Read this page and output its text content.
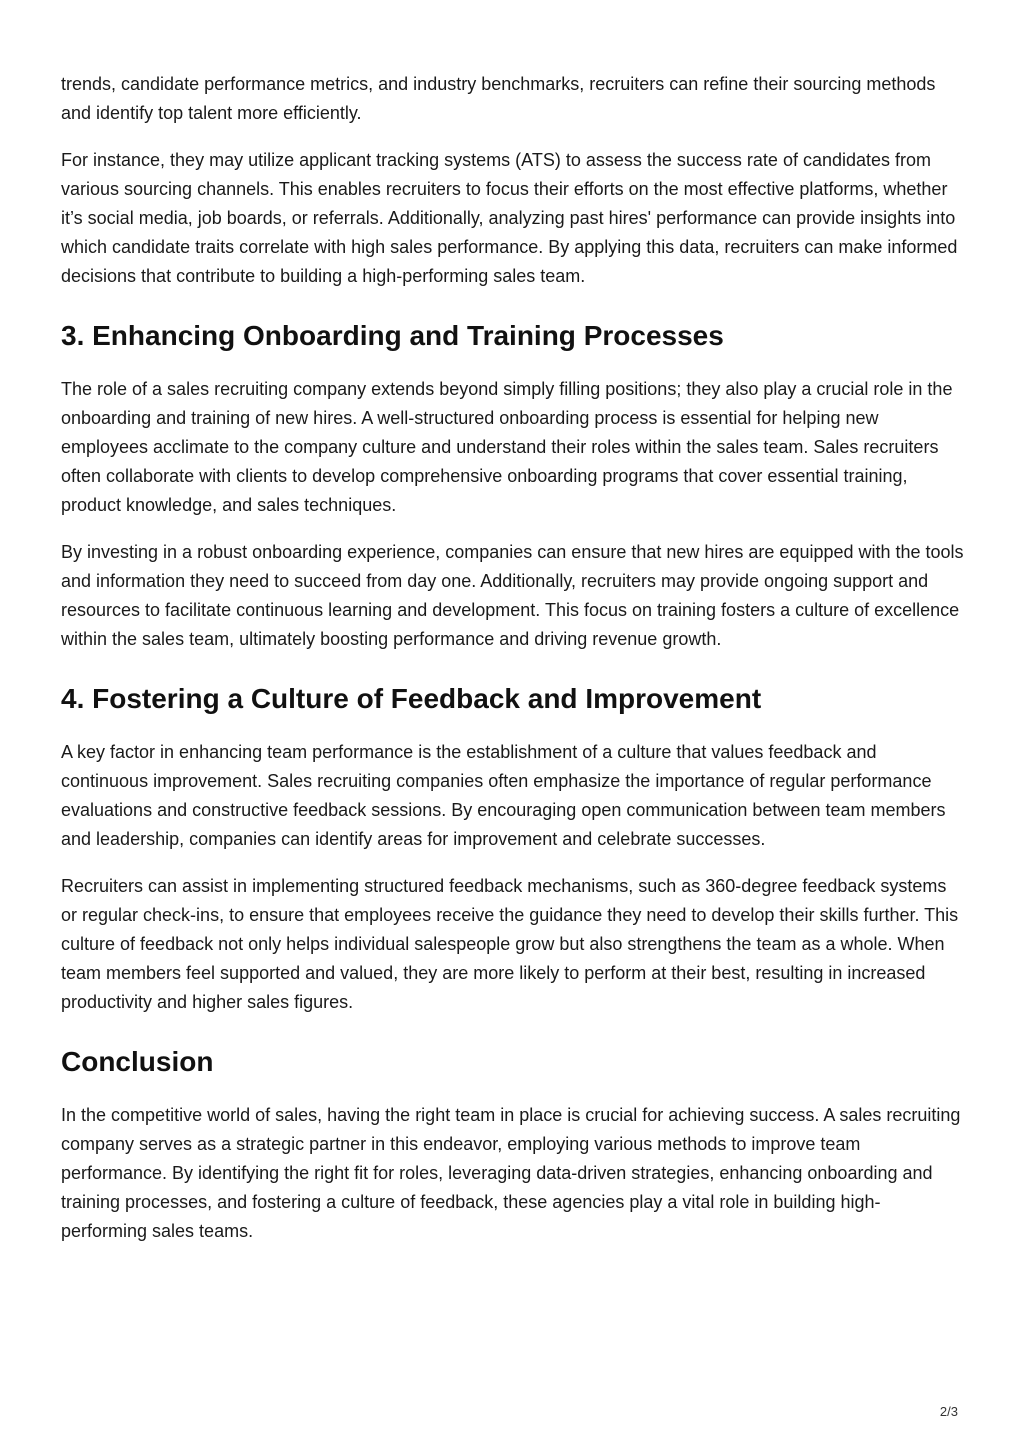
trends, candidate performance metrics, and industry benchmarks, recruiters can refine their sourcing methods and identify top talent more efficiently.

For instance, they may utilize applicant tracking systems (ATS) to assess the success rate of candidates from various sourcing channels. This enables recruiters to focus their efforts on the most effective platforms, whether it’s social media, job boards, or referrals. Additionally, analyzing past hires' performance can provide insights into which candidate traits correlate with high sales performance. By applying this data, recruiters can make informed decisions that contribute to building a high-performing sales team.

3. Enhancing Onboarding and Training Processes

The role of a sales recruiting company extends beyond simply filling positions; they also play a crucial role in the onboarding and training of new hires. A well-structured onboarding process is essential for helping new employees acclimate to the company culture and understand their roles within the sales team. Sales recruiters often collaborate with clients to develop comprehensive onboarding programs that cover essential training, product knowledge, and sales techniques.

By investing in a robust onboarding experience, companies can ensure that new hires are equipped with the tools and information they need to succeed from day one. Additionally, recruiters may provide ongoing support and resources to facilitate continuous learning and development. This focus on training fosters a culture of excellence within the sales team, ultimately boosting performance and driving revenue growth.

4. Fostering a Culture of Feedback and Improvement

A key factor in enhancing team performance is the establishment of a culture that values feedback and continuous improvement. Sales recruiting companies often emphasize the importance of regular performance evaluations and constructive feedback sessions. By encouraging open communication between team members and leadership, companies can identify areas for improvement and celebrate successes.

Recruiters can assist in implementing structured feedback mechanisms, such as 360-degree feedback systems or regular check-ins, to ensure that employees receive the guidance they need to develop their skills further. This culture of feedback not only helps individual salespeople grow but also strengthens the team as a whole. When team members feel supported and valued, they are more likely to perform at their best, resulting in increased productivity and higher sales figures.

Conclusion

In the competitive world of sales, having the right team in place is crucial for achieving success. A sales recruiting company serves as a strategic partner in this endeavor, employing various methods to improve team performance. By identifying the right fit for roles, leveraging data-driven strategies, enhancing onboarding and training processes, and fostering a culture of feedback, these agencies play a vital role in building high-performing sales teams.

2/3
